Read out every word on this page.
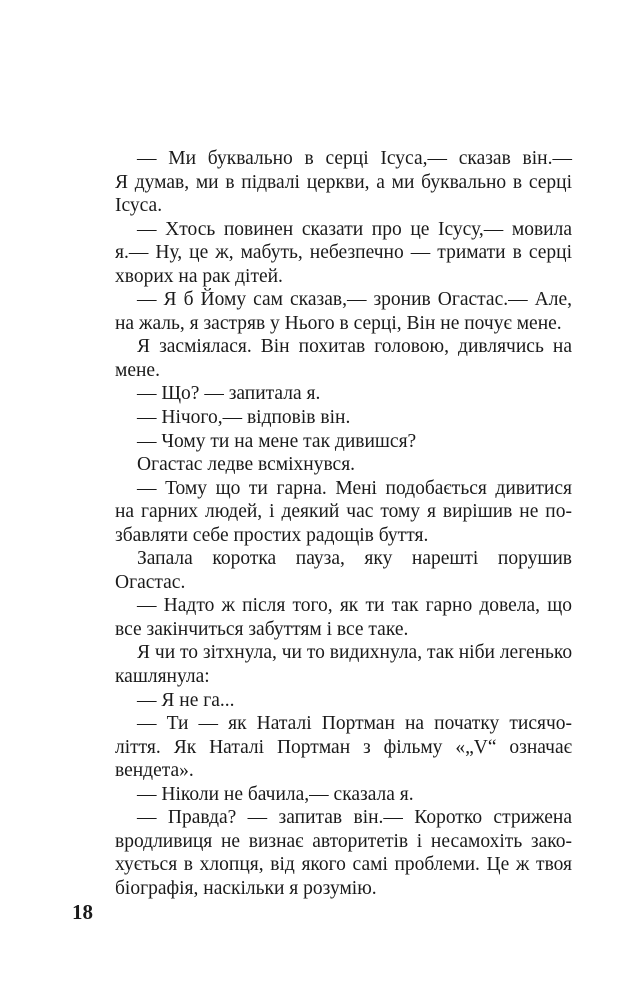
— Ми буквально в серці Ісуса,— сказав він.—
Я думав, ми в підвалі церкви, а ми буквально в серці
Ісуса.
— Хтось повинен сказати про це Ісусу,— мовила
я.— Ну, це ж, мабуть, небезпечно — тримати в серці
хворих на рак дітей.
— Я б Йому сам сказав,— зронив Огастас.— Але,
на жаль, я застряв у Нього в серці, Він не почує мене.
Я засміялася. Він похитав головою, дивлячись на
мене.
— Що? — запитала я.
— Нічого,— відповів він.
— Чому ти на мене так дивишся?
Огастас ледве всміхнувся.
— Тому що ти гарна. Мені подобається дивитися
на гарних людей, і деякий час тому я вирішив не по-
збавляти себе простих радощів буття.
Запала коротка пауза, яку нарешті порушив
Огастас.
— Надто ж після того, як ти так гарно довела, що
все закінчиться забуттям і все таке.
Я чи то зітхнула, чи то видихнула, так ніби легенько
кашлянула:
— Я не га...
— Ти — як Наталі Портман на початку тисячо-
ліття. Як Наталі Портман з фільму «„V“ означає
вендета».
— Ніколи не бачила,— сказала я.
— Правда? — запитав він.— Коротко стрижена
вродливиця не визнає авторитетів і несамохіть зако-
хується в хлопця, від якого самі проблеми. Це ж твоя
біографія, наскільки я розумію.
18
